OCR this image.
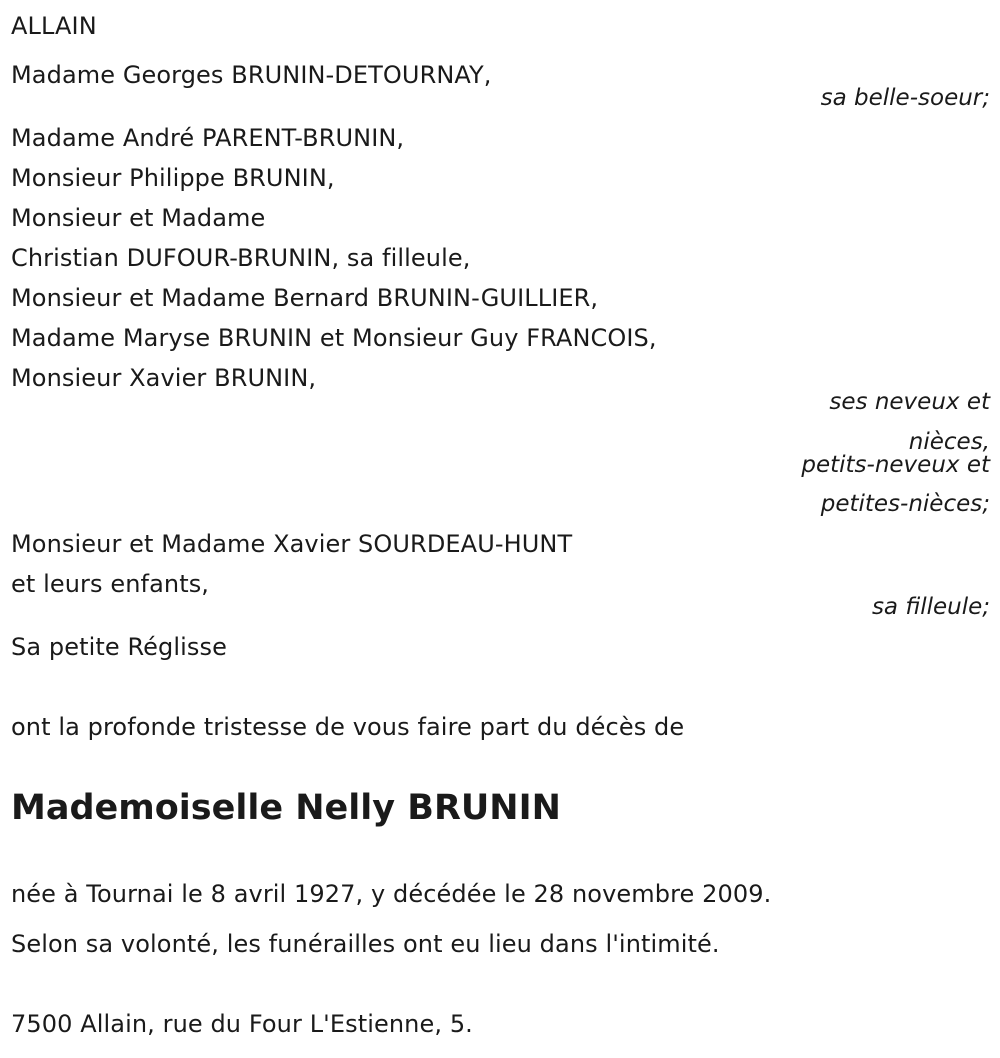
ALLAIN
Madame Georges BRUNIN-DETOURNAY,
sa belle-soeur;
Madame André PARENT-BRUNIN,
Monsieur Philippe BRUNIN,
Monsieur et Madame
Christian DUFOUR-BRUNIN, sa filleule,
Monsieur et Madame Bernard BRUNIN-GUILLIER,
Madame Maryse BRUNIN et Monsieur Guy FRANCOIS,
Monsieur Xavier BRUNIN,
ses neveux et
nièces,
petits-neveux et
petites-nièces;
Monsieur et Madame Xavier SOURDEAU-HUNT
et leurs enfants,
sa filleule;
Sa petite Réglisse
ont la profonde tristesse de vous faire part du décès de
Mademoiselle Nelly BRUNIN
née à Tournai le 8 avril 1927, y décédée le 28 novembre 2009.
Selon sa volonté, les funérailles ont eu lieu dans l'intimité.
7500 Allain, rue du Four L'Estienne, 5.
